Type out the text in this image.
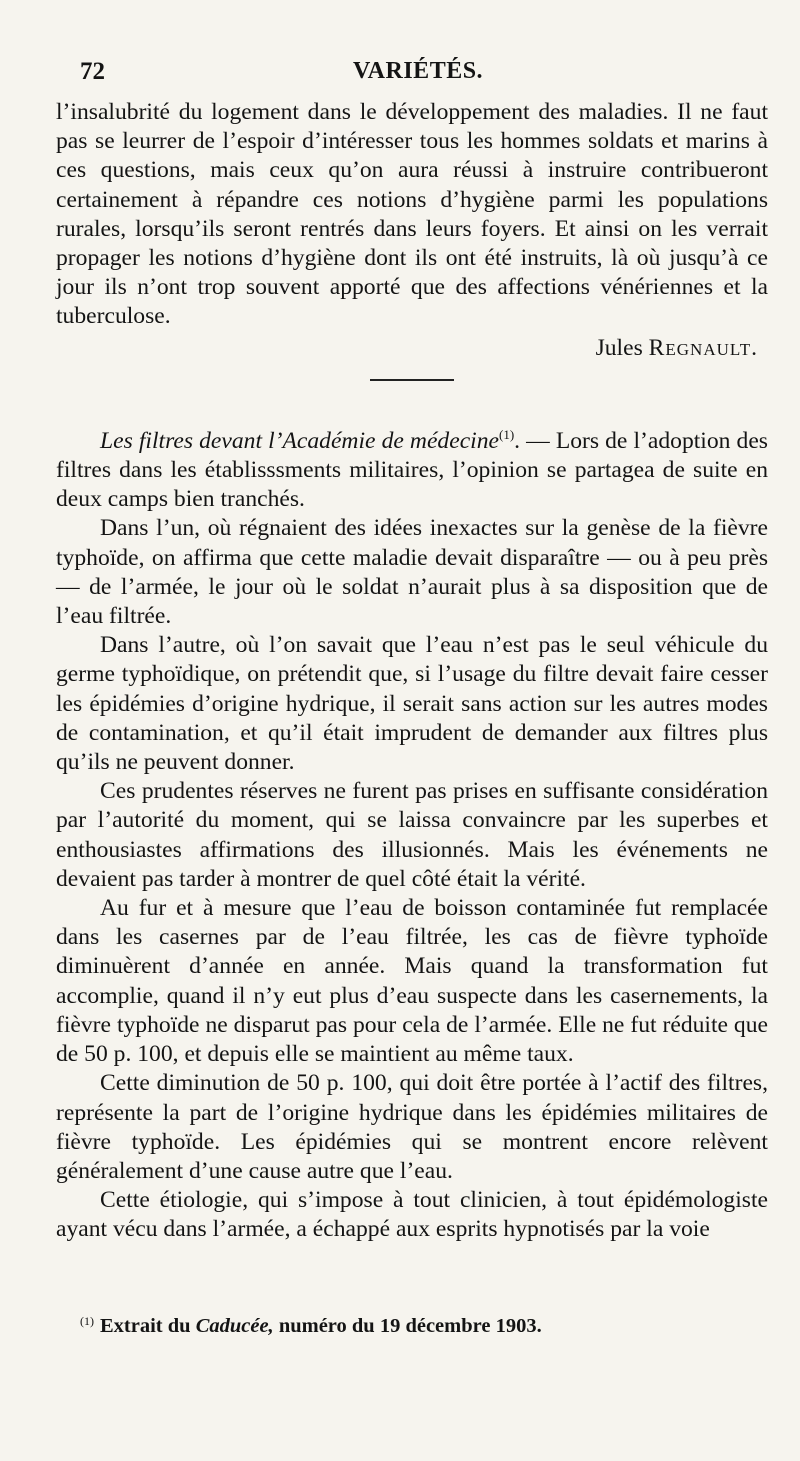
72	VARIÉTÉS.

l’insalubrité du logement dans le développement des maladies. Il ne faut pas se leurrer de l’espoir d’intéresser tous les hommes soldats et marins à ces questions, mais ceux qu’on aura réussi à instruire contribueront certainement à répandre ces notions d’hygiène parmi les populations rurales, lorsqu’ils seront rentrés dans leurs foyers. Et ainsi on les verrait propager les notions d’hygiène dont ils ont été instruits, là où jusqu’à ce jour ils n’ont trop souvent apporté que des affections vénériennes et la tuberculose.

Jules Regnault.

Les filtres devant l’Académie de médecine$^{(1)}$. — Lors de l’adoption des filtres dans les établisssments militaires, l’opinion se partagea de suite en deux camps bien tranchés.

Dans l’un, où régnaient des idées inexactes sur la genèse de la fièvre typhoïde, on affirma que cette maladie devait disparaître — ou à peu près — de l’armée, le jour où le soldat n’aurait plus à sa disposition que de l’eau filtrée.

Dans l’autre, où l’on savait que l’eau n’est pas le seul véhicule du germe typhoïdique, on prétendit que, si l’usage du filtre devait faire cesser les épidémies d’origine hydrique, il serait sans action sur les autres modes de contamination, et qu’il était imprudent de demander aux filtres plus qu’ils ne peuvent donner.

Ces prudentes réserves ne furent pas prises en suffisante considération par l’autorité du moment, qui se laissa convaincre par les superbes et enthousiastes affirmations des illusionnés. Mais les événements ne devaient pas tarder à montrer de quel côté était la vérité.

Au fur et à mesure que l’eau de boisson contaminée fut remplacée dans les casernes par de l’eau filtrée, les cas de fièvre typhoïde diminuèrent d’année en année. Mais quand la transformation fut accomplie, quand il n’y eut plus d’eau suspecte dans les casernements, la fièvre typhoïde ne disparut pas pour cela de l’armée. Elle ne fut réduite que de 50 p. 100, et depuis elle se maintient au même taux.

Cette diminution de 50 p. 100, qui doit être portée à l’actif des filtres, représente la part de l’origine hydrique dans les épidémies militaires de fièvre typhoïde. Les épidémies qui se montrent encore relèvent généralement d’une cause autre que l’eau.

Cette étiologie, qui s’impose à tout clinicien, à tout épidémologiste ayant vécu dans l’armée, a échappé aux esprits hypnotisés par la voie

$^{(1)}$ Extrait du Caducée, numéro du 19 décembre 1903.
